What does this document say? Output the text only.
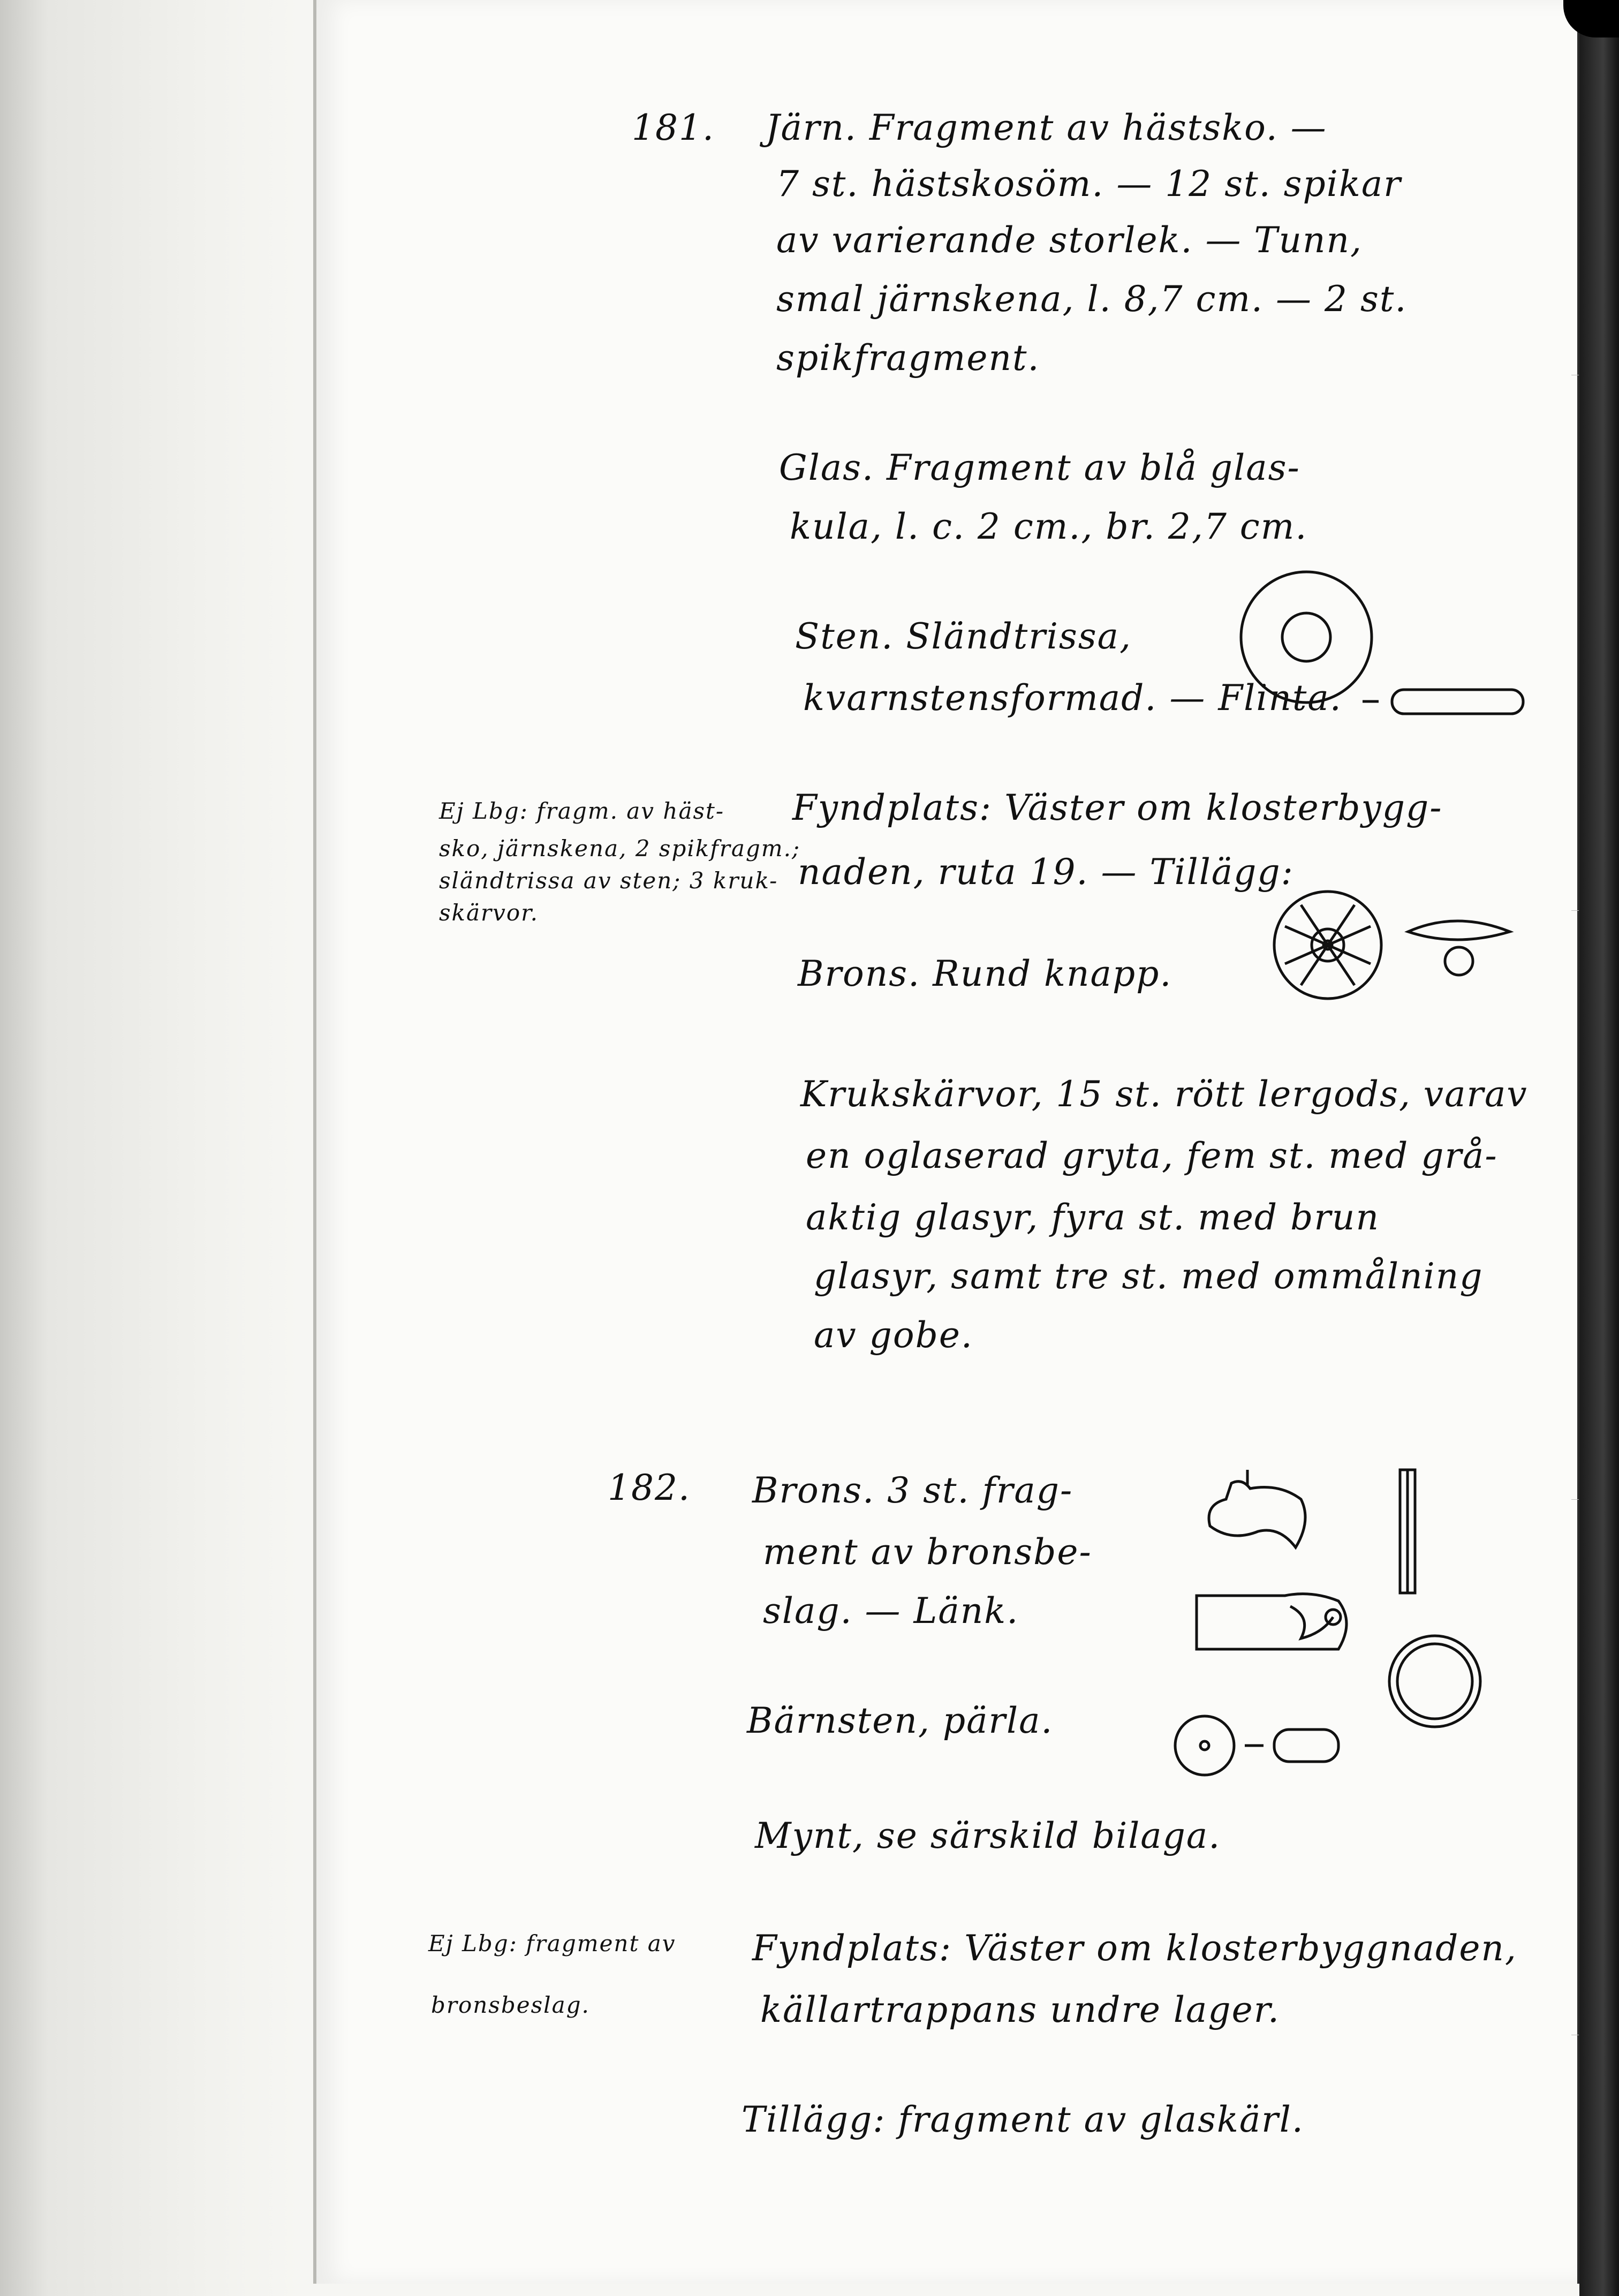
181. Järn. Fragment av hästsko. —
7 st. hästskosöm. — 12 st. spikar
av varierande storlek. — Tunn,
smal järnskena, l. 8,7 cm. — 2 st.
spikfragment.
Glas. Fragment av blå glas-
kula, l. c. 2 cm., br. 2,7 cm.
Sten. Sländtrissa,
kvarnstensformad. — Flinta.
Ej Lbg: fragm. av häst-
sko, järnskena, 2 spikfragm.;
sländtrissa av sten; 3 kruk-
skärvor.
Fyndplats: Väster om klosterbygg-
naden, ruta 19. — Tillägg:
Brons. Rund knapp.
Krukskärvor, 15 st. rött lergods, varav
en oglaserad gryta, fem st. med grå-
aktig glasyr, fyra st. med brun
glasyr, samt tre st. med ommålning
av gobe.
182. Brons. 3 st. frag-
ment av bronsbe-
slag. — Länk.
Bärnsten, pärla.
Mynt, se särskild bilaga.
Ej Lbg: fragment av
bronsbeslag.
Fyndplats: Väster om klosterbyggnaden,
källartrappans undre lager.
Tillägg: fragment av glaskärl.
